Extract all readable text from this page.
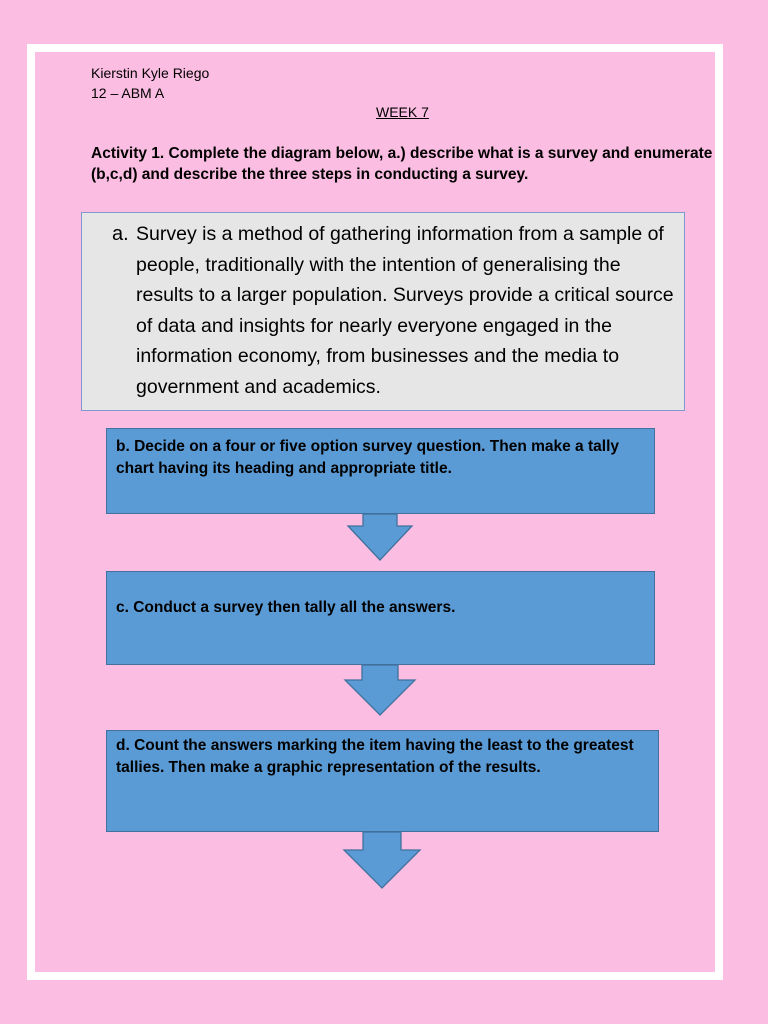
Kierstin Kyle Riego
12 – ABM A
WEEK 7
Activity 1. Complete the diagram below, a.) describe what is a survey and enumerate (b,c,d) and describe the three steps in conducting a survey.
a. Survey is a method of gathering information from a sample of people, traditionally with the intention of generalising the results to a larger population. Surveys provide a critical source of data and insights for nearly everyone engaged in the information economy, from businesses and the media to government and academics.
b. Decide on a four or five option survey question. Then make a tally chart having its heading and appropriate title.
c. Conduct a survey then tally all the answers.
d. Count the answers marking the item having the least to the greatest tallies. Then make a graphic representation of the results.
